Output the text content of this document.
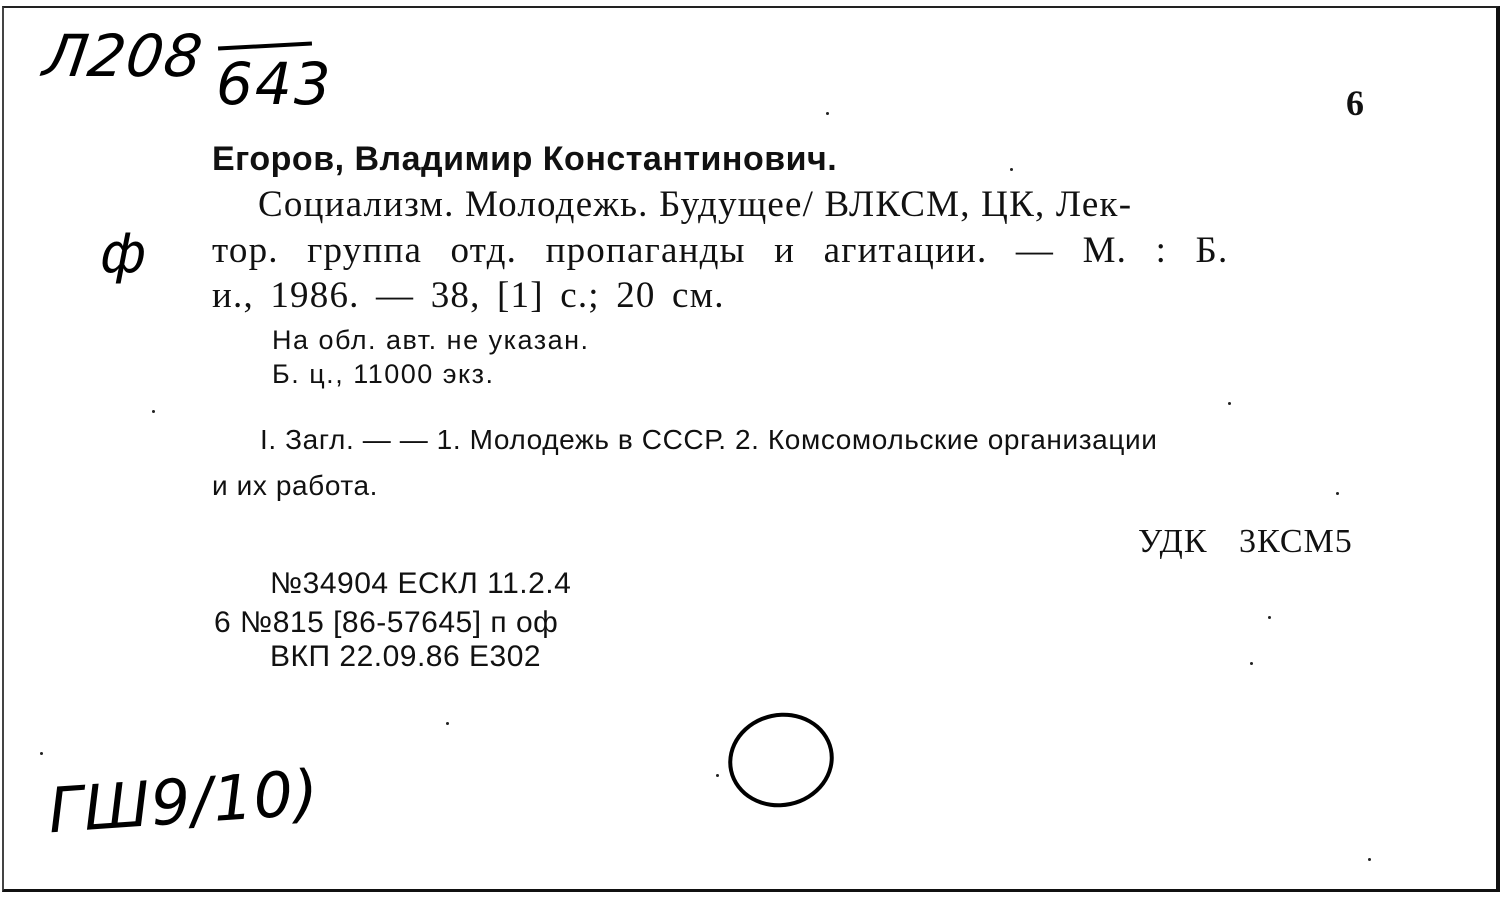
Л208 643
ф
ГШ9/10)
6
Егоров, Владимир Константинович.
Социализм. Молодежь. Будущее/ ВЛКСМ, ЦК, Лек-
тор. группа отд. пропаганды и агитации. — М. : Б.
и., 1986. — 38, [1] с.; 20 см.
На обл. авт. не указан.
Б. ц., 11000 экз.
I. Загл. — — 1. Молодежь в СССР. 2. Комсомольские организации
и их работа.
УДК 3КСМ5
№34904 ЕСКЛ 11.2.4
6 №815 [86-57645] п оф
ВКП 22.09.86 Е302
